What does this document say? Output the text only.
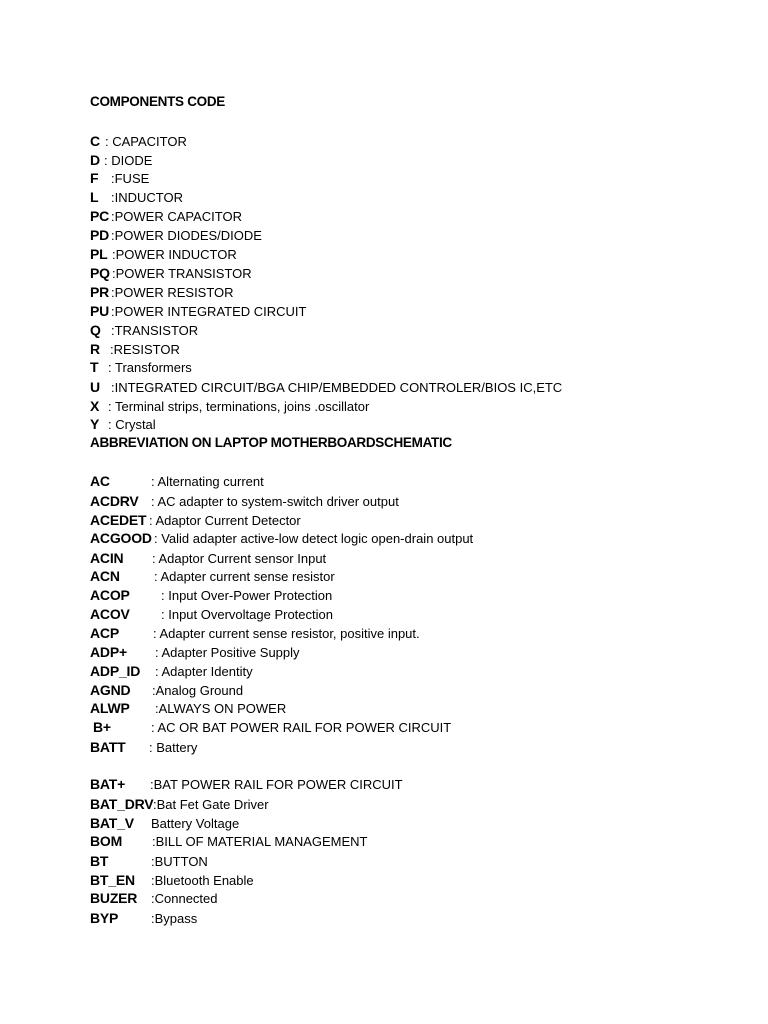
COMPONENTS CODE
C : CAPACITOR
D : DIODE
F :FUSE
L :INDUCTOR
PC :POWER CAPACITOR
PD :POWER DIODES/DIODE
PL :POWER INDUCTOR
PQ :POWER TRANSISTOR
PR :POWER RESISTOR
PU :POWER INTEGRATED CIRCUIT
Q :TRANSISTOR
R :RESISTOR
T : Transformers
U :INTEGRATED CIRCUIT/BGA CHIP/EMBEDDED CONTROLER/BIOS IC,ETC
X : Terminal strips, terminations, joins .oscillator
Y : Crystal
ABBREVIATION ON LAPTOP MOTHERBOARDSCHEMATIC
AC	: Alternating current
ACDRV : AC adapter to system-switch driver output
ACEDET : Adaptor Current Detector
ACGOOD : Valid adapter active-low detect logic open-drain output
ACIN : Adaptor Current sensor Input
ACN	: Adapter current sense resistor
ACOP : Input Over-Power Protection
ACOV : Input Overvoltage Protection
ACP	: Adapter current sense resistor, positive input.
ADP+ : Adapter Positive Supply
ADP_ID : Adapter Identity
AGND :Analog Ground
ALWP :ALWAYS ON POWER
B+	: AC OR BAT POWER RAIL FOR POWER CIRCUIT
BATT : Battery
BAT+ :BAT POWER RAIL FOR POWER CIRCUIT
BAT_DRV :Bat Fet Gate Driver
BAT_V Battery Voltage
BOM :BILL OF MATERIAL MANAGEMENT
BT	:BUTTON
BT_EN :Bluetooth Enable
BUZER :Connected
BYP	:Bypass
